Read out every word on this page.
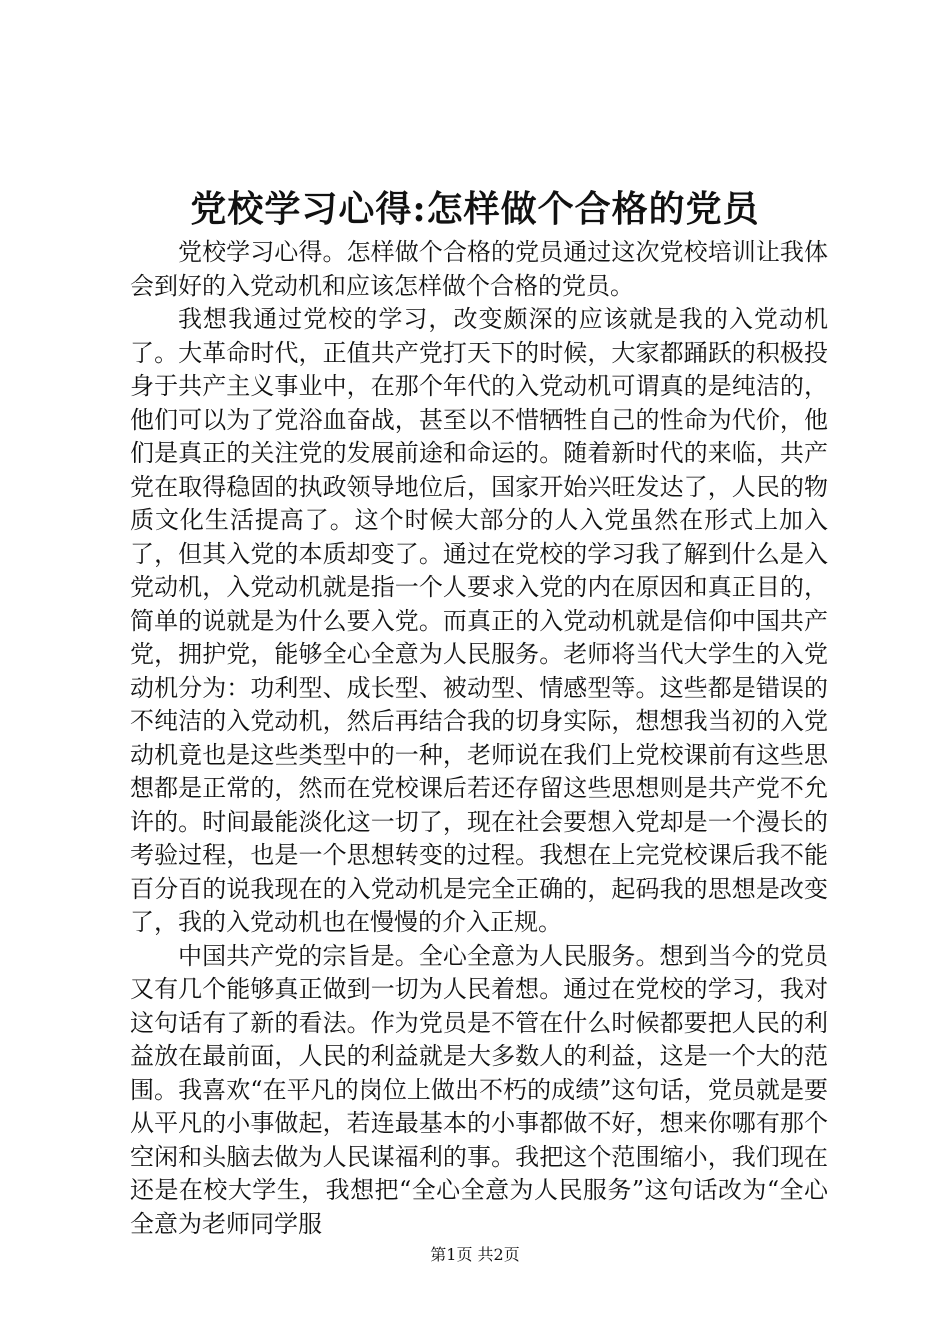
党校学习心得:怎样做个合格的党员

党校学习心得。怎样做个合格的党员通过这次党校培训让我体会到好的入党动机和应该怎样做个合格的党员。

我想我通过党校的学习，改变颇深的应该就是我的入党动机了。大革命时代，正值共产党打天下的时候，大家都踊跃的积极投身于共产主义事业中，在那个年代的入党动机可谓真的是纯洁的，他们可以为了党浴血奋战，甚至以不惜牺牲自己的性命为代价，他们是真正的关注党的发展前途和命运的。随着新时代的来临，共产党在取得稳固的执政领导地位后，国家开始兴旺发达了，人民的物质文化生活提高了。这个时候大部分的人入党虽然在形式上加入了，但其入党的本质却变了。通过在党校的学习我了解到什么是入党动机，入党动机就是指一个人要求入党的内在原因和真正目的，简单的说就是为什么要入党。而真正的入党动机就是信仰中国共产党，拥护党，能够全心全意为人民服务。老师将当代大学生的入党动机分为：功利型、成长型、被动型、情感型等。这些都是错误的不纯洁的入党动机，然后再结合我的切身实际，想想我当初的入党动机竟也是这些类型中的一种，老师说在我们上党校课前有这些思想都是正常的，然而在党校课后若还存留这些思想则是共产党不允许的。时间最能淡化这一切了，现在社会要想入党却是一个漫长的考验过程，也是一个思想转变的过程。我想在上完党校课后我不能百分百的说我现在的入党动机是完全正确的，起码我的思想是改变了，我的入党动机也在慢慢的介入正规。

中国共产党的宗旨是。全心全意为人民服务。想到当今的党员又有几个能够真正做到一切为人民着想。通过在党校的学习，我对这句话有了新的看法。作为党员是不管在什么时候都要把人民的利益放在最前面，人民的利益就是大多数人的利益，这是一个大的范围。我喜欢“在平凡的岗位上做出不朽的成绩”这句话，党员就是要从平凡的小事做起，若连最基本的小事都做不好，想来你哪有那个空闲和头脑去做为人民谋福利的事。我把这个范围缩小，我们现在还是在校大学生，我想把“全心全意为人民服务”这句话改为“全心全意为老师同学服

第1页 共2页
